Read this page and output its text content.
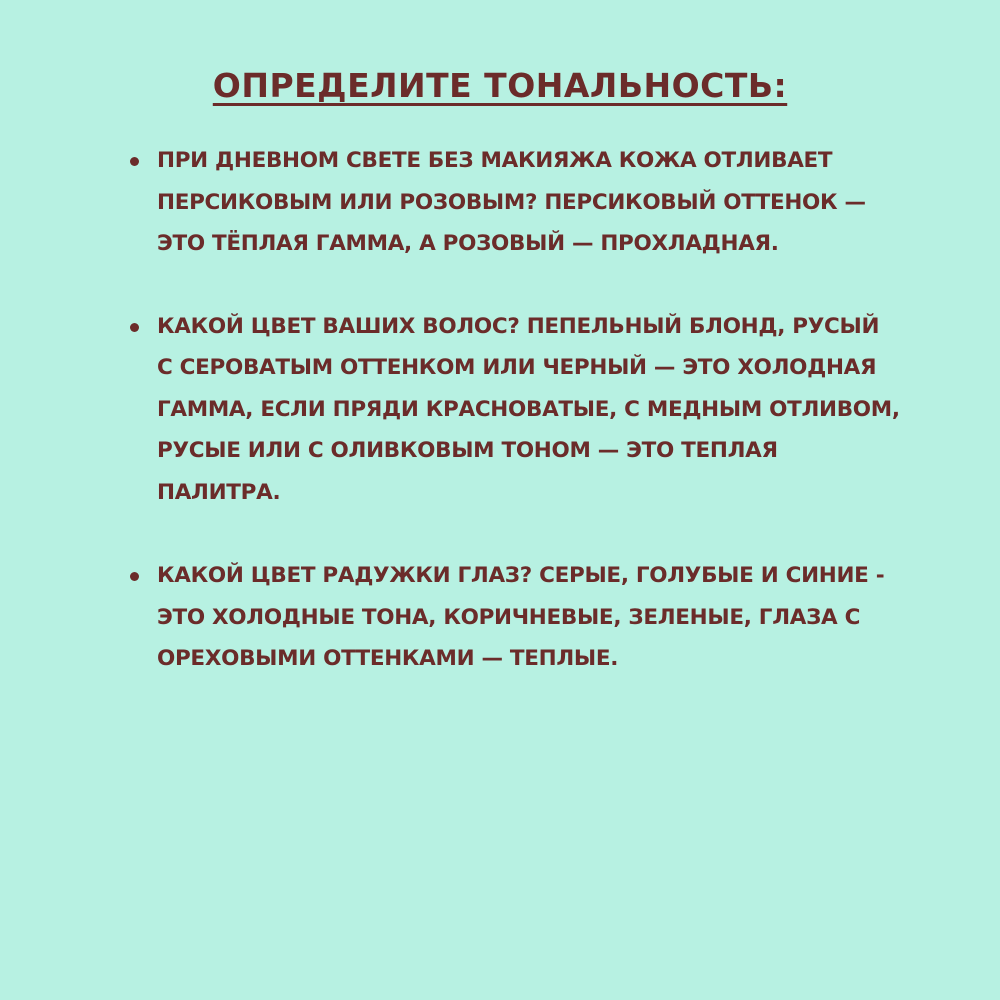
ОПРЕДЕЛИТЕ ТОНАЛЬНОСТЬ:
ПРИ ДНЕВНОМ СВЕТЕ БЕЗ МАКИЯЖА КОЖА ОТЛИВАЕТ ПЕРСИКОВЫМ ИЛИ РОЗОВЫМ? ПЕРСИКОВЫЙ ОТТЕНОК — ЭТО ТЁПЛАЯ ГАММА, А РОЗОВЫЙ — ПРОХЛАДНАЯ.
КАКОЙ ЦВЕТ ВАШИХ ВОЛОС? ПЕПЕЛЬНЫЙ БЛОНД, РУСЫЙ С СЕРОВАТЫМ ОТТЕНКОМ ИЛИ ЧЕРНЫЙ — ЭТО ХОЛОДНАЯ ГАММА, ЕСЛИ ПРЯДИ КРАСНОВАТЫЕ, С МЕДНЫМ ОТЛИВОМ, РУСЫЕ ИЛИ С ОЛИВКОВЫМ ТОНОМ — ЭТО ТЕПЛАЯ ПАЛИТРА.
КАКОЙ ЦВЕТ РАДУЖКИ ГЛАЗ? СЕРЫЕ, ГОЛУБЫЕ И СИНИЕ - ЭТО ХОЛОДНЫЕ ТОНА, КОРИЧНЕВЫЕ, ЗЕЛЕНЫЕ, ГЛАЗА С ОРЕХОВЫМИ ОТТЕНКАМИ — ТЕПЛЫЕ.
